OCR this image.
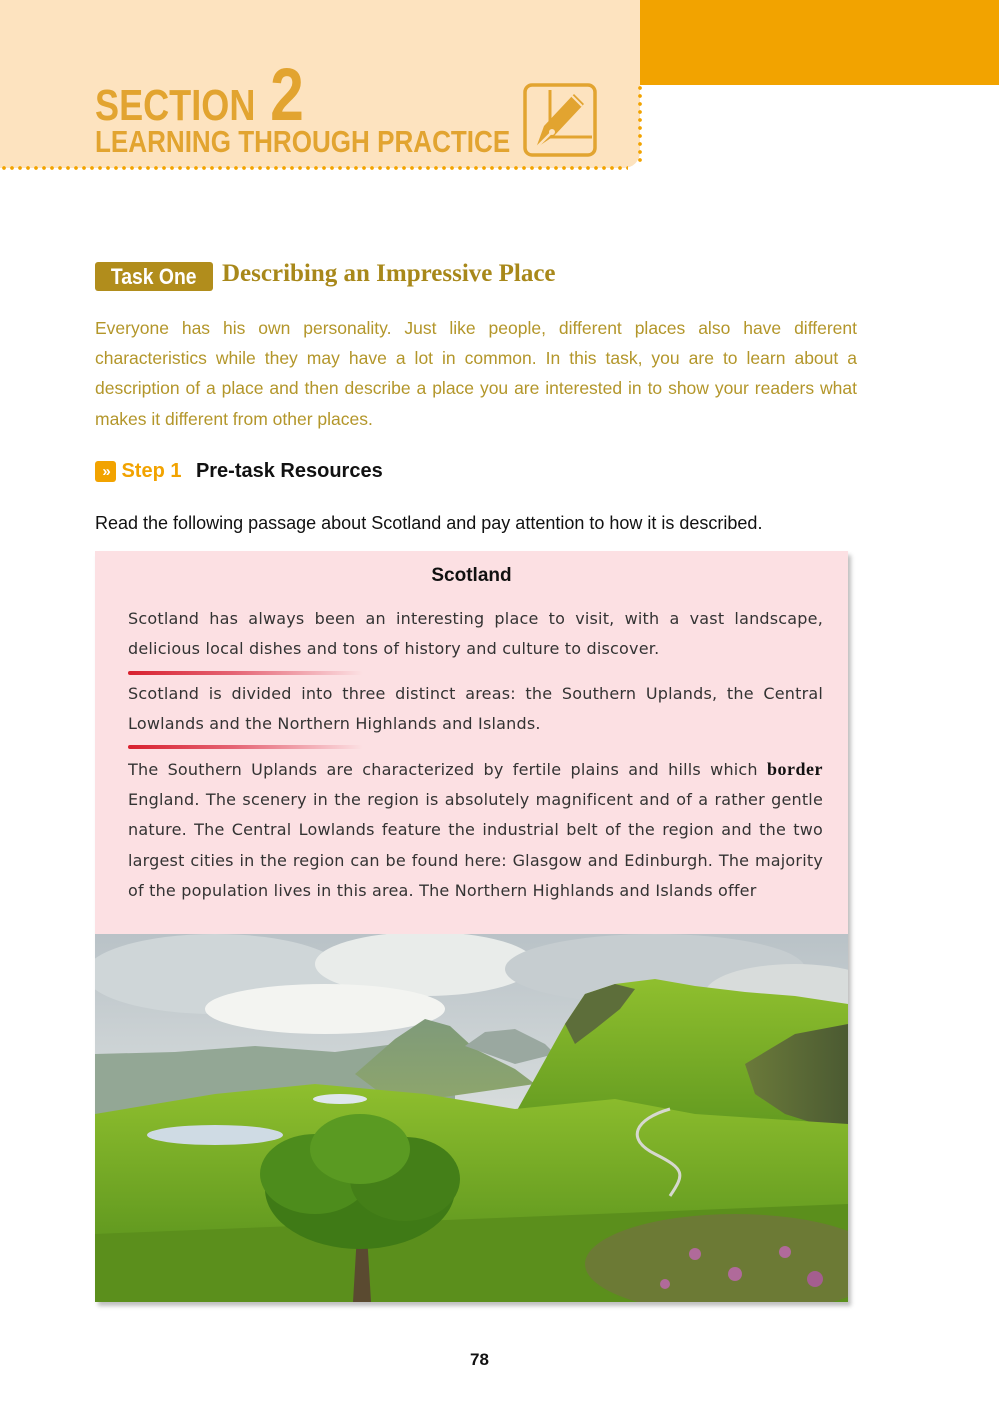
SECTION 2
LEARNING THROUGH PRACTICE
Task One	Describing an Impressive Place

Everyone has his own personality. Just like people, different places also have different characteristics while they may have a lot in common. In this task, you are to learn about a description of a place and then describe a place you are interested in to show your readers what makes it different from other places.

» Step 1 Pre-task Resources
Read the following passage about Scotland and pay attention to how it is described.
Scotland

Scotland has always been an interesting place to visit, with a vast landscape, delicious local dishes and tons of history and culture to discover.

Scotland is divided into three distinct areas: the Southern Uplands, the Central Lowlands and the Northern Highlands and Islands.

The Southern Uplands are characterized by fertile plains and hills which border England. The scenery in the region is absolutely magnificent and of a rather gentle nature. The Central Lowlands feature the industrial belt of the region and the two largest cities in the region can be found here: Glasgow and Edinburgh. The majority of the population lives in this area. The Northern Highlands and Islands offer

78
